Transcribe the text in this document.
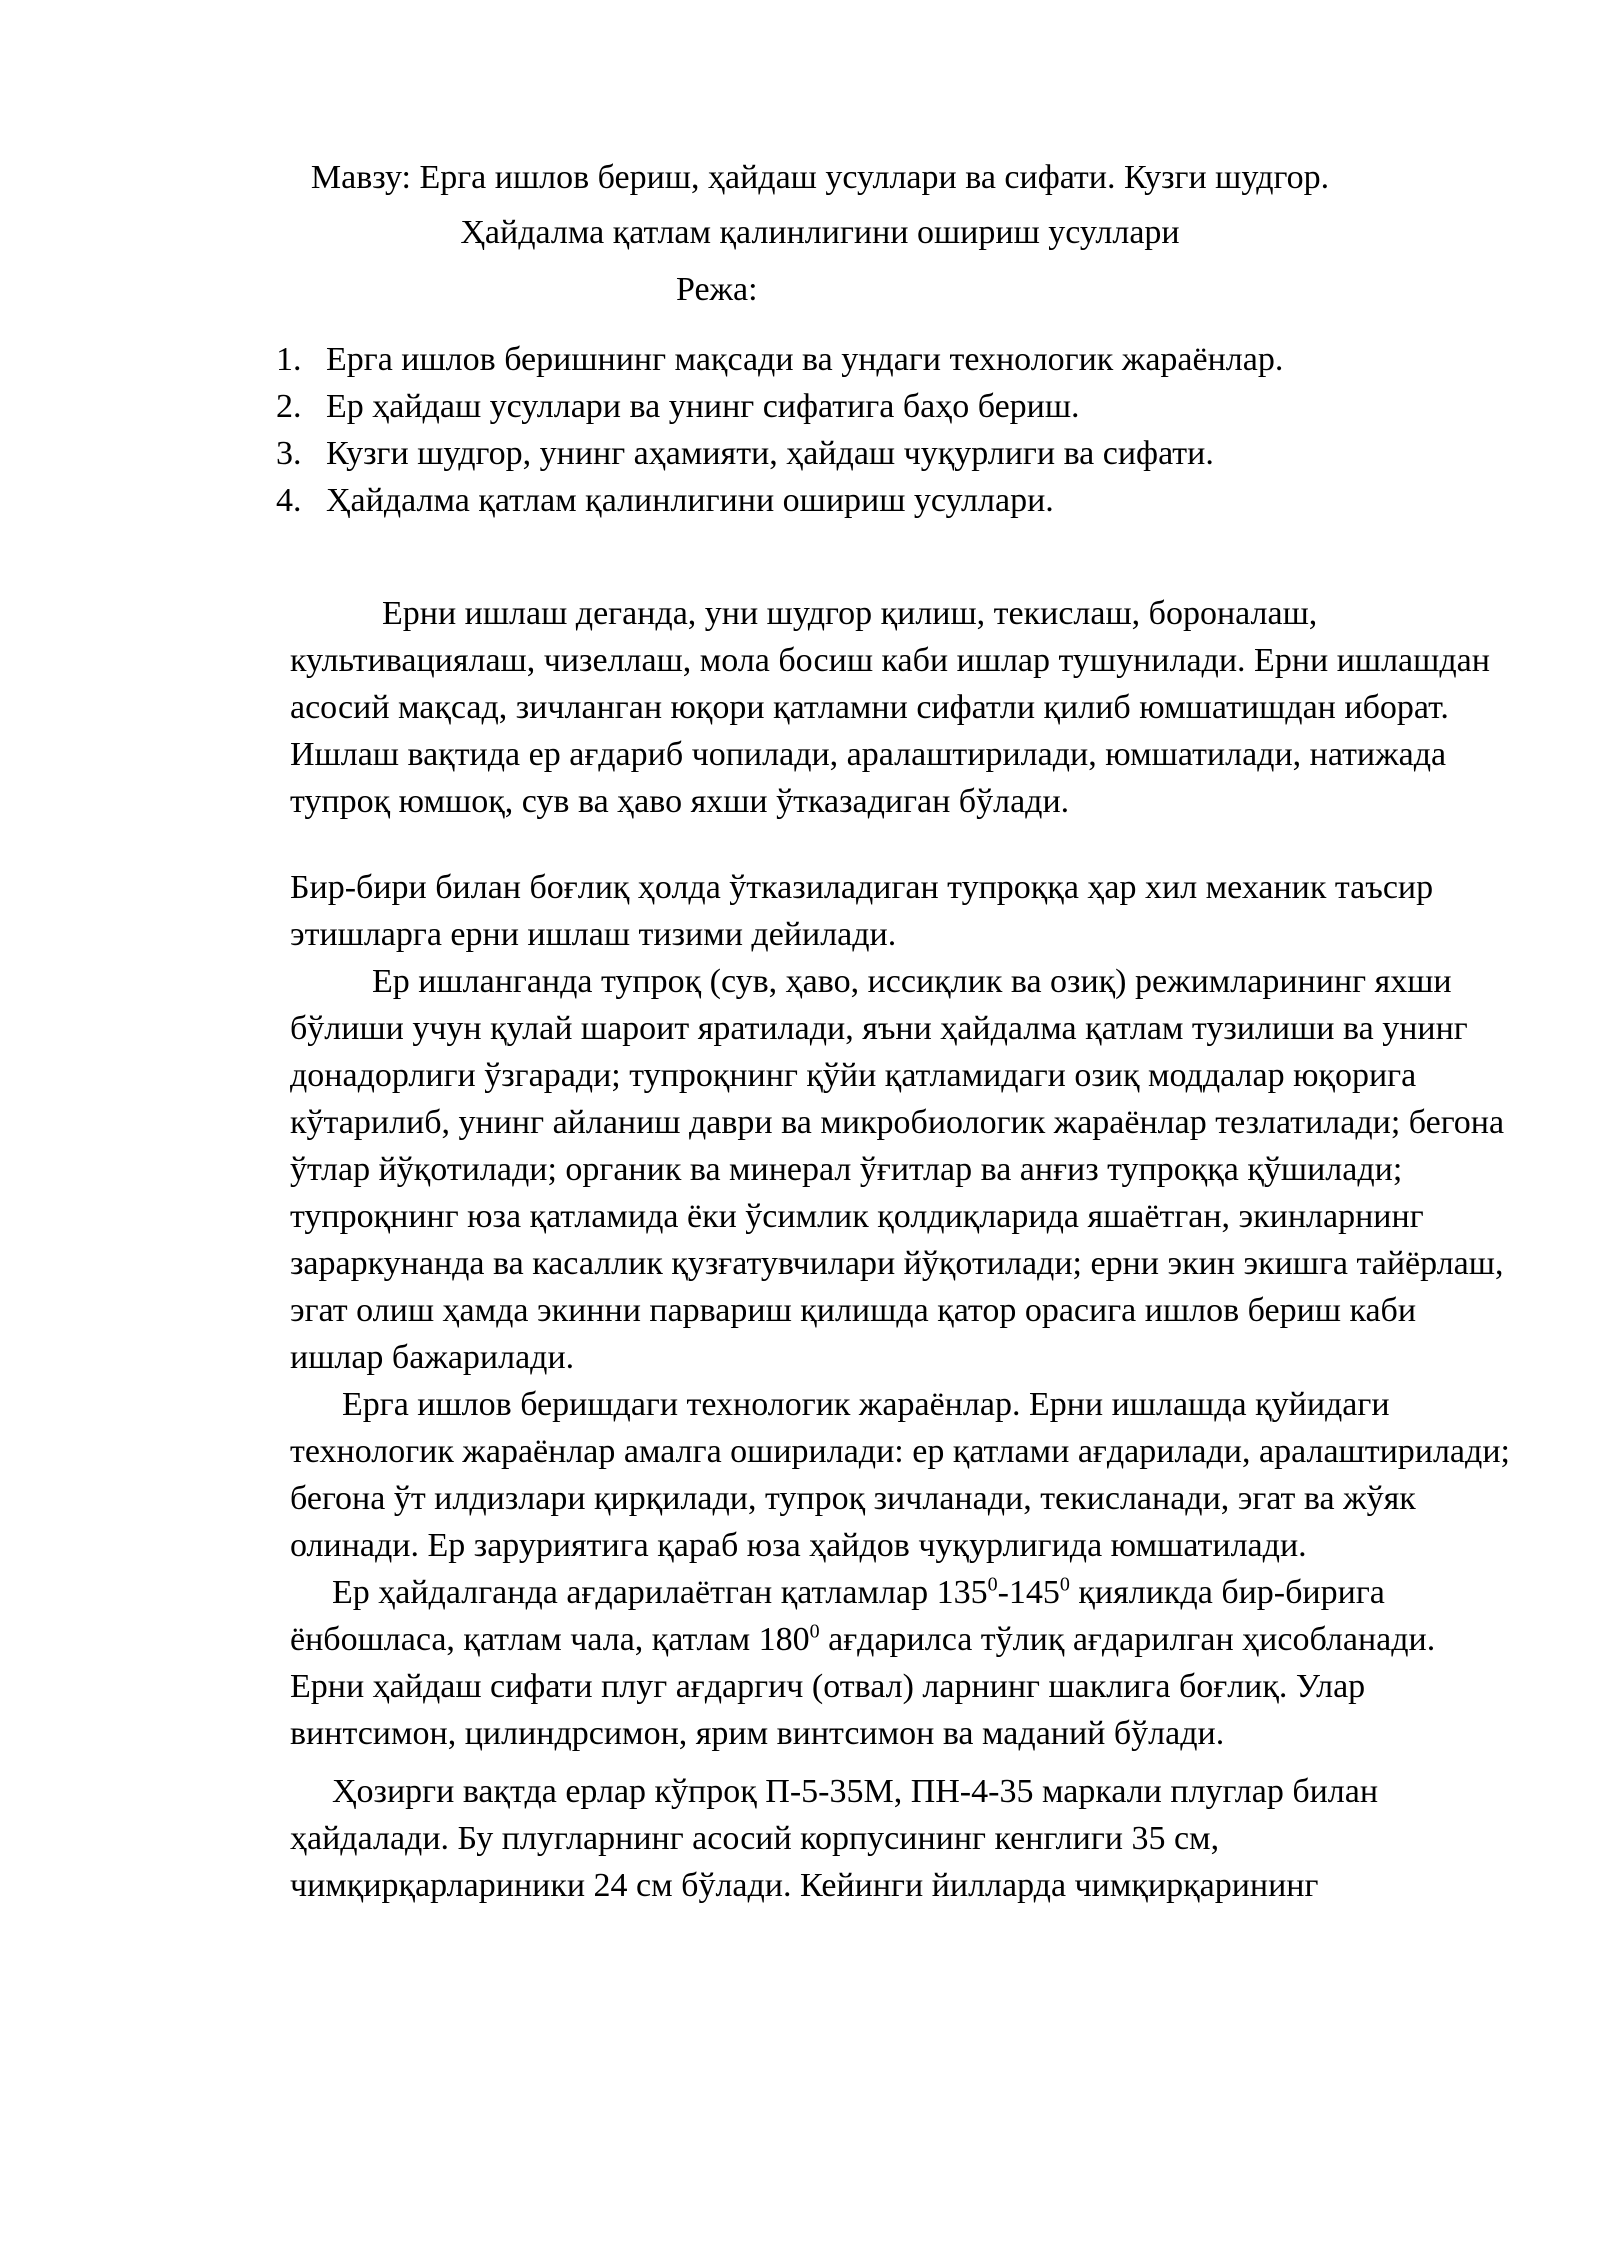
Мавзу: Ерга ишлов бериш, ҳайдаш усуллари ва сифати. Кузги шудгор.
Ҳайдалма қатлам қалинлигини ошириш усуллари

Режа:

1. Ерга ишлов беришнинг мақсади ва ундаги технологик жараёнлар.
2. Ер ҳайдаш усуллари ва унинг сифатига баҳо бериш.
3. Кузги шудгор, унинг аҳамияти, ҳайдаш чуқурлиги ва сифати.
4. Ҳайдалма қатлам қалинлигини ошириш усуллари.

Ерни ишлаш деганда, уни шудгор қилиш, текислаш, бороналаш, культивациялаш, чизеллаш, мола босиш каби ишлар тушунилади. Ерни ишлашдан асосий мақсад, зичланган юқори қатламни сифатли қилиб юмшатишдан иборат. Ишлаш вақтида ер ағдариб чопилади, аралаштирилади, юмшатилади, натижада тупроқ юмшоқ, сув ва ҳаво яхши ўтказадиган бўлади.

Бир-бири билан боғлиқ ҳолда ўтказиладиган тупроққа ҳар хил механик таъсир этишларга ерни ишлаш тизими дейилади.

Ер ишланганда тупроқ (сув, ҳаво, иссиқлик ва озиқ) режимларининг яхши бўлиши учун қулай шароит яратилади, яъни ҳайдалма қатлам тузилиши ва унинг донадорлиги ўзгаради; тупроқнинг қўйи қатламидаги озиқ моддалар юқорига кўтарилиб, унинг айланиш даври ва микробиологик жараёнлар тезлатилади; бегона ўтлар йўқотилади; органик ва минерал ўғитлар ва анғиз тупроққа қўшилади; тупроқнинг юза қатламида ёки ўсимлик қолдиқларида яшаётган, экинларнинг зараркунанда ва касаллик қузғатувчилари йўқотилади; ерни экин экишга тайёрлаш, эгат олиш ҳамда экинни парвариш қилишда қатор орасига ишлов бериш каби ишлар бажарилади.

Ерга ишлов беришдаги технологик жараёнлар. Ерни ишлашда қуйидаги технологик жараёнлар амалга оширилади: ер қатлами ағдарилади, аралаштирилади; бегона ўт илдизлари қирқилади, тупроқ зичланади, текисланади, эгат ва жўяк олинади. Ер заруриятига қараб юза ҳайдов чуқурлигида юмшатилади.

Ер ҳайдалганда ағдарилаётган қатламлар $135^0-145^0$ қияликда бир-бирига ёнбошласа, қатлам чала, қатлам $180^0$ ағдарилса тўлиқ ағдарилган ҳисобланади. Ерни ҳайдаш сифати плуг ағдаргич (отвал) ларнинг шаклига боғлиқ. Улар винтсимон, цилиндрсимон, ярим винтсимон ва маданий бўлади.

Ҳозирги вақтда ерлар кўпроқ П-5-35М, ПН-4-35 маркали плуглар билан ҳайдалади. Бу плугларнинг асосий корпусининг кенглиги 35 см, чимқирқарлариники 24 см бўлади. Кейинги йилларда чимқирқарининг
